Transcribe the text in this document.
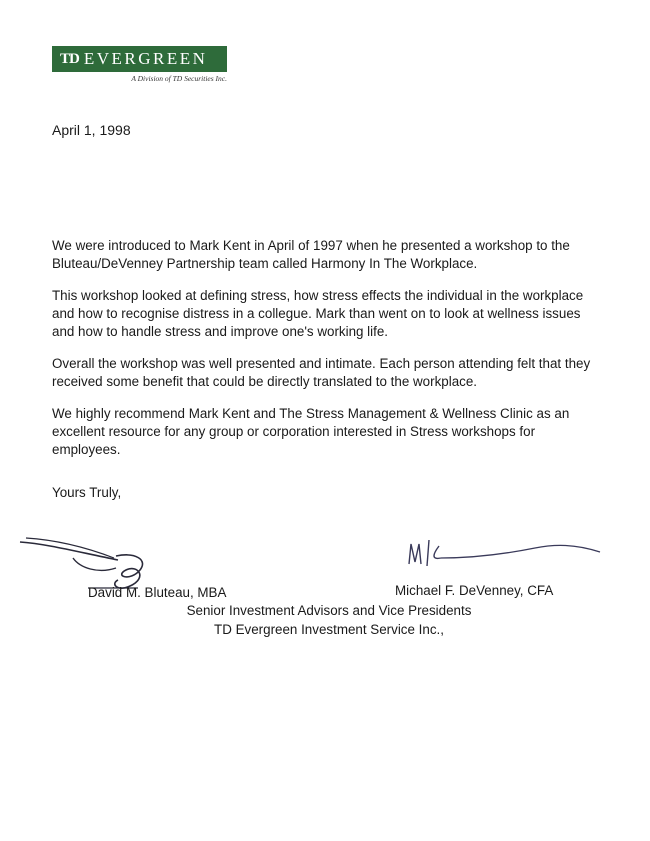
TD EVERGREEN
A Division of TD Securities Inc.
April 1, 1998

We were introduced to Mark Kent in April of 1997 when he presented a workshop to the Bluteau/DeVenney Partnership team called Harmony In The Workplace.

This workshop looked at defining stress, how stress effects the individual in the workplace and how to recognise distress in a collegue. Mark than went on to look at wellness issues and how to handle stress and improve one's working life.

Overall the workshop was well presented and intimate. Each person attending felt that they received some benefit that could be directly translated to the workplace.

We highly recommend Mark Kent and The Stress Management & Wellness Clinic as an excellent resource for any group or corporation interested in Stress workshops for employees.

Yours Truly,
David M. Bluteau, MBA	Michael F. DeVenney, CFA
Senior Investment Advisors and Vice Presidents
TD Evergreen Investment Service Inc.,
